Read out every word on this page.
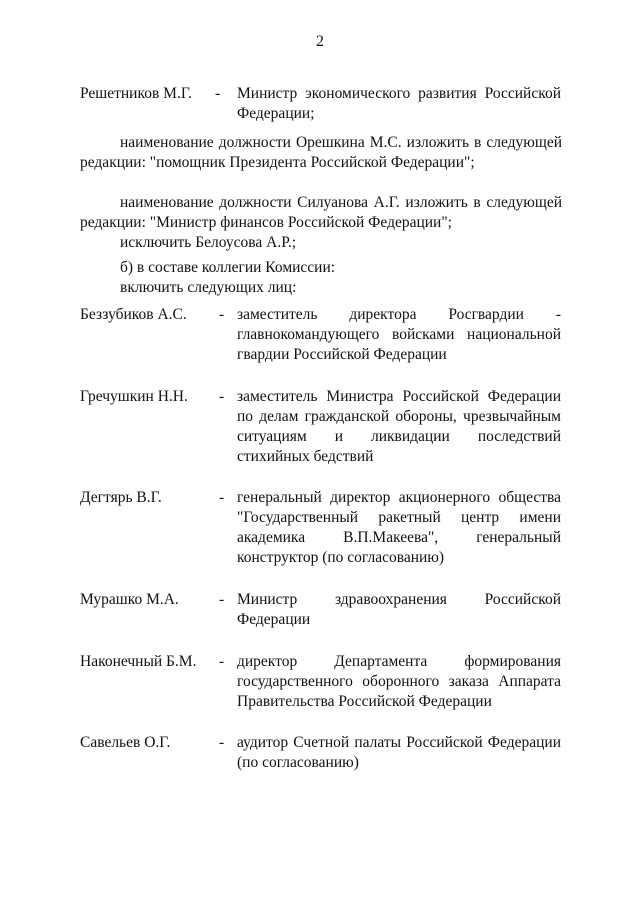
2
Решетников М.Г. - Министр экономического развития Российской Федерации;
наименование должности Орешкина М.С. изложить в следующей редакции: "помощник Президента Российской Федерации";
наименование должности Силуанова А.Г. изложить в следующей редакции: "Министр финансов Российской Федерации";
исключить Белоусова А.Р.;
б) в составе коллегии Комиссии:
включить следующих лиц:
Беззубиков А.С. - заместитель директора Росгвардии - главнокомандующего войсками национальной гвардии Российской Федерации
Гречушкин Н.Н. - заместитель Министра Российской Федерации по делам гражданской обороны, чрезвычайным ситуациям и ликвидации последствий стихийных бедствий
Дегтярь В.Г.	- генеральный директор акционерного общества "Государственный ракетный центр имени академика В.П.Макеева", генеральный конструктор (по согласованию)
Мурашко М.А.	- Министр здравоохранения Российской Федерации
Наконечный Б.М. - директор Департамента формирования государственного оборонного заказа Аппарата Правительства Российской Федерации
Савельев О.Г.	- аудитор Счетной палаты Российской Федерации (по согласованию)
